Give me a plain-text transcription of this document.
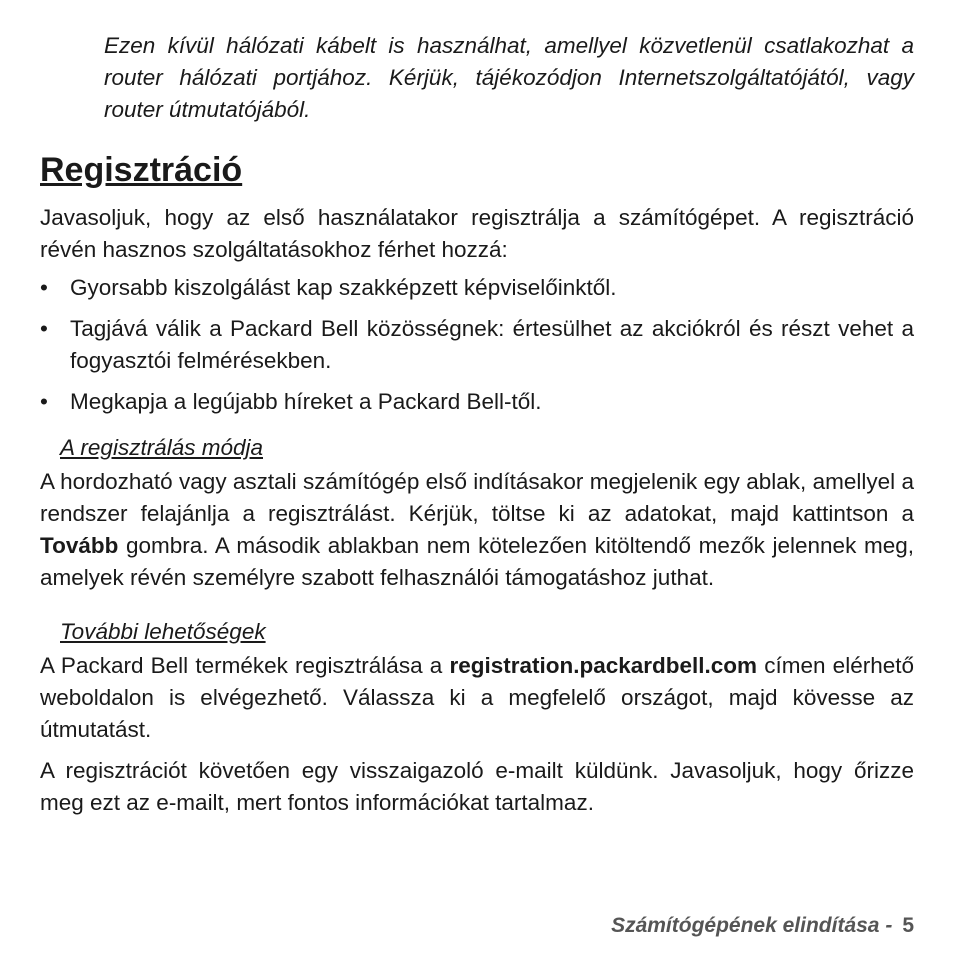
Ezen kívül hálózati kábelt is használhat, amellyel közvetlenül csatlakozhat a router hálózati portjához. Kérjük, tájékozódjon Internetszolgáltatójától, vagy router útmutatójából.

Regisztráció

Javasoljuk, hogy az első használatakor regisztrálja a számítógépet. A regisztráció révén hasznos szolgáltatásokhoz férhet hozzá:

• Gyorsabb kiszolgálást kap szakképzett képviselőinktől.
• Tagjává válik a Packard Bell közösségnek: értesülhet az akciókról és részt vehet a fogyasztói felmérésekben.
• Megkapja a legújabb híreket a Packard Bell-től.
A regisztrálás módja

A hordozható vagy asztali számítógép első indításakor megjelenik egy ablak, amellyel a rendszer felajánlja a regisztrálást. Kérjük, töltse ki az adatokat, majd kattintson a Tovább gombra. A második ablakban nem kötelezően kitöltendő mezők jelennek meg, amelyek révén személyre szabott felhasználói támogatáshoz juthat.

További lehetőségek

A Packard Bell termékek regisztrálása a registration.packardbell.com címen elérhető weboldalon is elvégezhető. Válassza ki a megfelelő országot, majd kövesse az útmutatást.

A regisztrációt követően egy visszaigazoló e-mailt küldünk. Javasoljuk, hogy őrizze meg ezt az e-mailt, mert fontos információkat tartalmaz.

Számítógépének elindítása - 5
